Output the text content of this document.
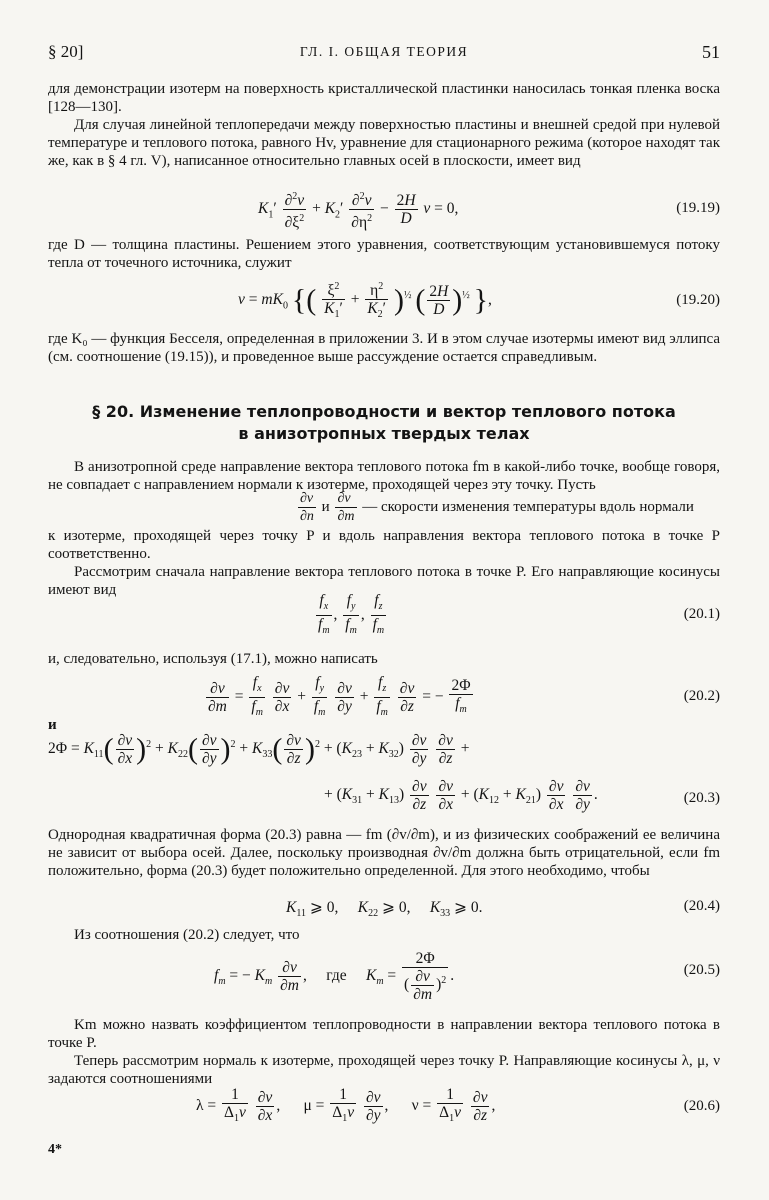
§ 20]	ГЛ. I. ОБЩАЯ ТЕОРИЯ	51

для демонстрации изотерм на поверхность кристаллической пластинки наносилась тонкая пленка воска [128—130].

Для случая линейной теплопередачи между поверхностью пластины и внешней средой при нулевой температуре и теплового потока, равного Hv, уравнение для стационарного режима (которое находят так же, как в § 4 гл. V), написанное относительно главных осей в плоскости, имеет вид

$K_1' \frac{\partial^2v}{\partial\xi^2} + K_2' \frac{\partial^2v}{\partial\eta^2} - \frac{2H}{D}$ v = 0,	(19.19)

где D — толщина пластины. Решением этого уравнения, соответствующим установившемуся потоку тепла от точечного источника, служит

$v = mK_0$ {( $\frac{\xi^2}{K_1'} + \frac{\eta^2}{K_2'} )^{\frac{1}{2}}$ ( $\frac{2H}{D} )^{\frac{1}{2}}$ },	(19.20)

где K₀ — функция Бесселя, определенная в приложении 3. И в этом случае изотермы имеют вид эллипса (см. соотношение (19.15)), и проведенное выше рассуждение остается справедливым.

§ 20. Изменение теплопроводности и вектор теплового потока
в анизотропных твердых телах

В анизотропной среде направление вектора теплового потока fm в какой-либо точке, вообще говоря, не совпадает с направлением нормали к изотерме, проходящей через эту точку. Пусть

$\frac{\partial v}{\partial n}$ и $\frac{\partial v}{\partial m}$ — скорости изменения температуры вдоль нормали

к изотерме, проходящей через точку P и вдоль направления вектора теплового потока в точке P соответственно.

Рассмотрим сначала направление вектора теплового потока в точке P. Его направляющие косинусы имеют вид

$\frac{f_x}{f_m}$ , $\frac{f_y}{f_m}$ , $\frac{f_z}{f_m}$	(20.1)

и, следовательно, используя (17.1), можно написать

$\frac{\partial v}{\partial m} = \frac{f_x}{f_m}$
$\frac{\partial v}{\partial x} + \frac{f_y}{f_m}$
$\frac{\partial v}{\partial y} + \frac{f_z}{f_m}$
$\frac{\partial v}{\partial z}$ = − $\frac{2\Phi}{f_m}$	(20.2)
и
$2\Phi = K_{11}( \frac{\partial v}{\partial x} )^2 + K_{22}( \frac{\partial v}{\partial y} )^2 + K_{33}( \frac{\partial v}{\partial z} )^2 + (K_{23} + K_{32}) \frac{\partial v}{\partial y}$
$\frac{\partial v}{\partial z}$ +
+ $(K_{31} + K_{13}) \frac{\partial v}{\partial z}$
$\frac{\partial v}{\partial x} + (K_{12} + K_{21}) \frac{\partial v}{\partial x}$
$\frac{\partial v}{\partial y}$ .	(20.3)

Однородная квадратичная форма (20.3) равна — fm (∂v/∂m), и из физических соображений ее величина не зависит от выбора осей. Далее, поскольку производная ∂v/∂m должна быть отрицательной, если fm положительно, форма (20.3) будет положительно определенной. Для этого необходимо, чтобы

$K_{11}$ ⩾ 0,     $K_{22}$ ⩾ 0,     $K_{33}$ ⩾ 0.	(20.4)

Из соотношения (20.2) следует, что

$f_m$ = − $K_m \frac{\partial v}{\partial m}$ ,     где $K_m = \frac{2\Phi}{( \frac{\partial v}{\partial m} )^2}$ .	(20.5)

Km можно назвать коэффициентом теплопроводности в направлении вектора теплового потока в точке P.

Теперь рассмотрим нормаль к изотерме, проходящей через точку P. Направляющие косинусы λ, μ, ν задаются соотношениями

$\lambda = \frac{1}{\Delta_1v}$
$\frac{\partial v}{\partial x}$ ,      $\mu = \frac{1}{\Delta_1v}$
$\frac{\partial v}{\partial y}$ ,      $\nu = \frac{1}{\Delta_1v}$
$\frac{\partial v}{\partial z}$ ,	(20.6)
4*
